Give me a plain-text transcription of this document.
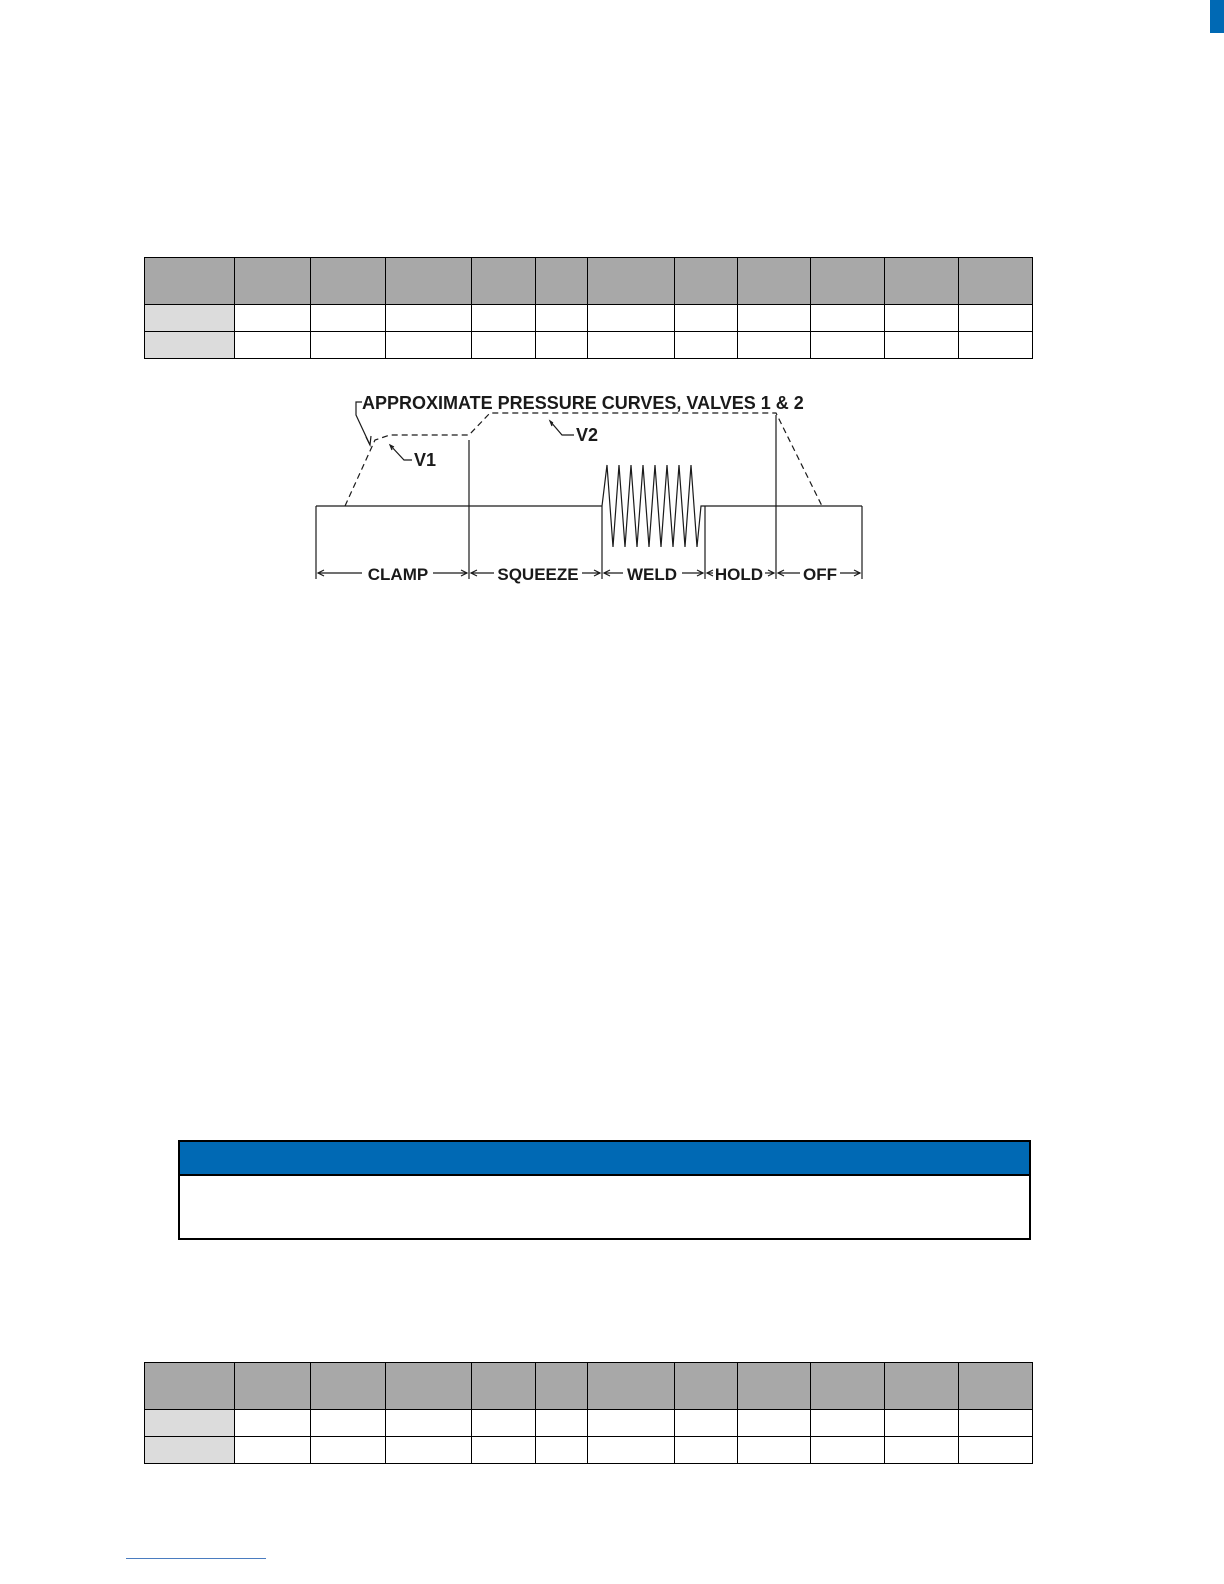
APPROXIMATE PRESSURE CURVES, VALVES 1 & 2
V1
V2
CLAMP	SQUEEZE	WELD HOLD OFF
